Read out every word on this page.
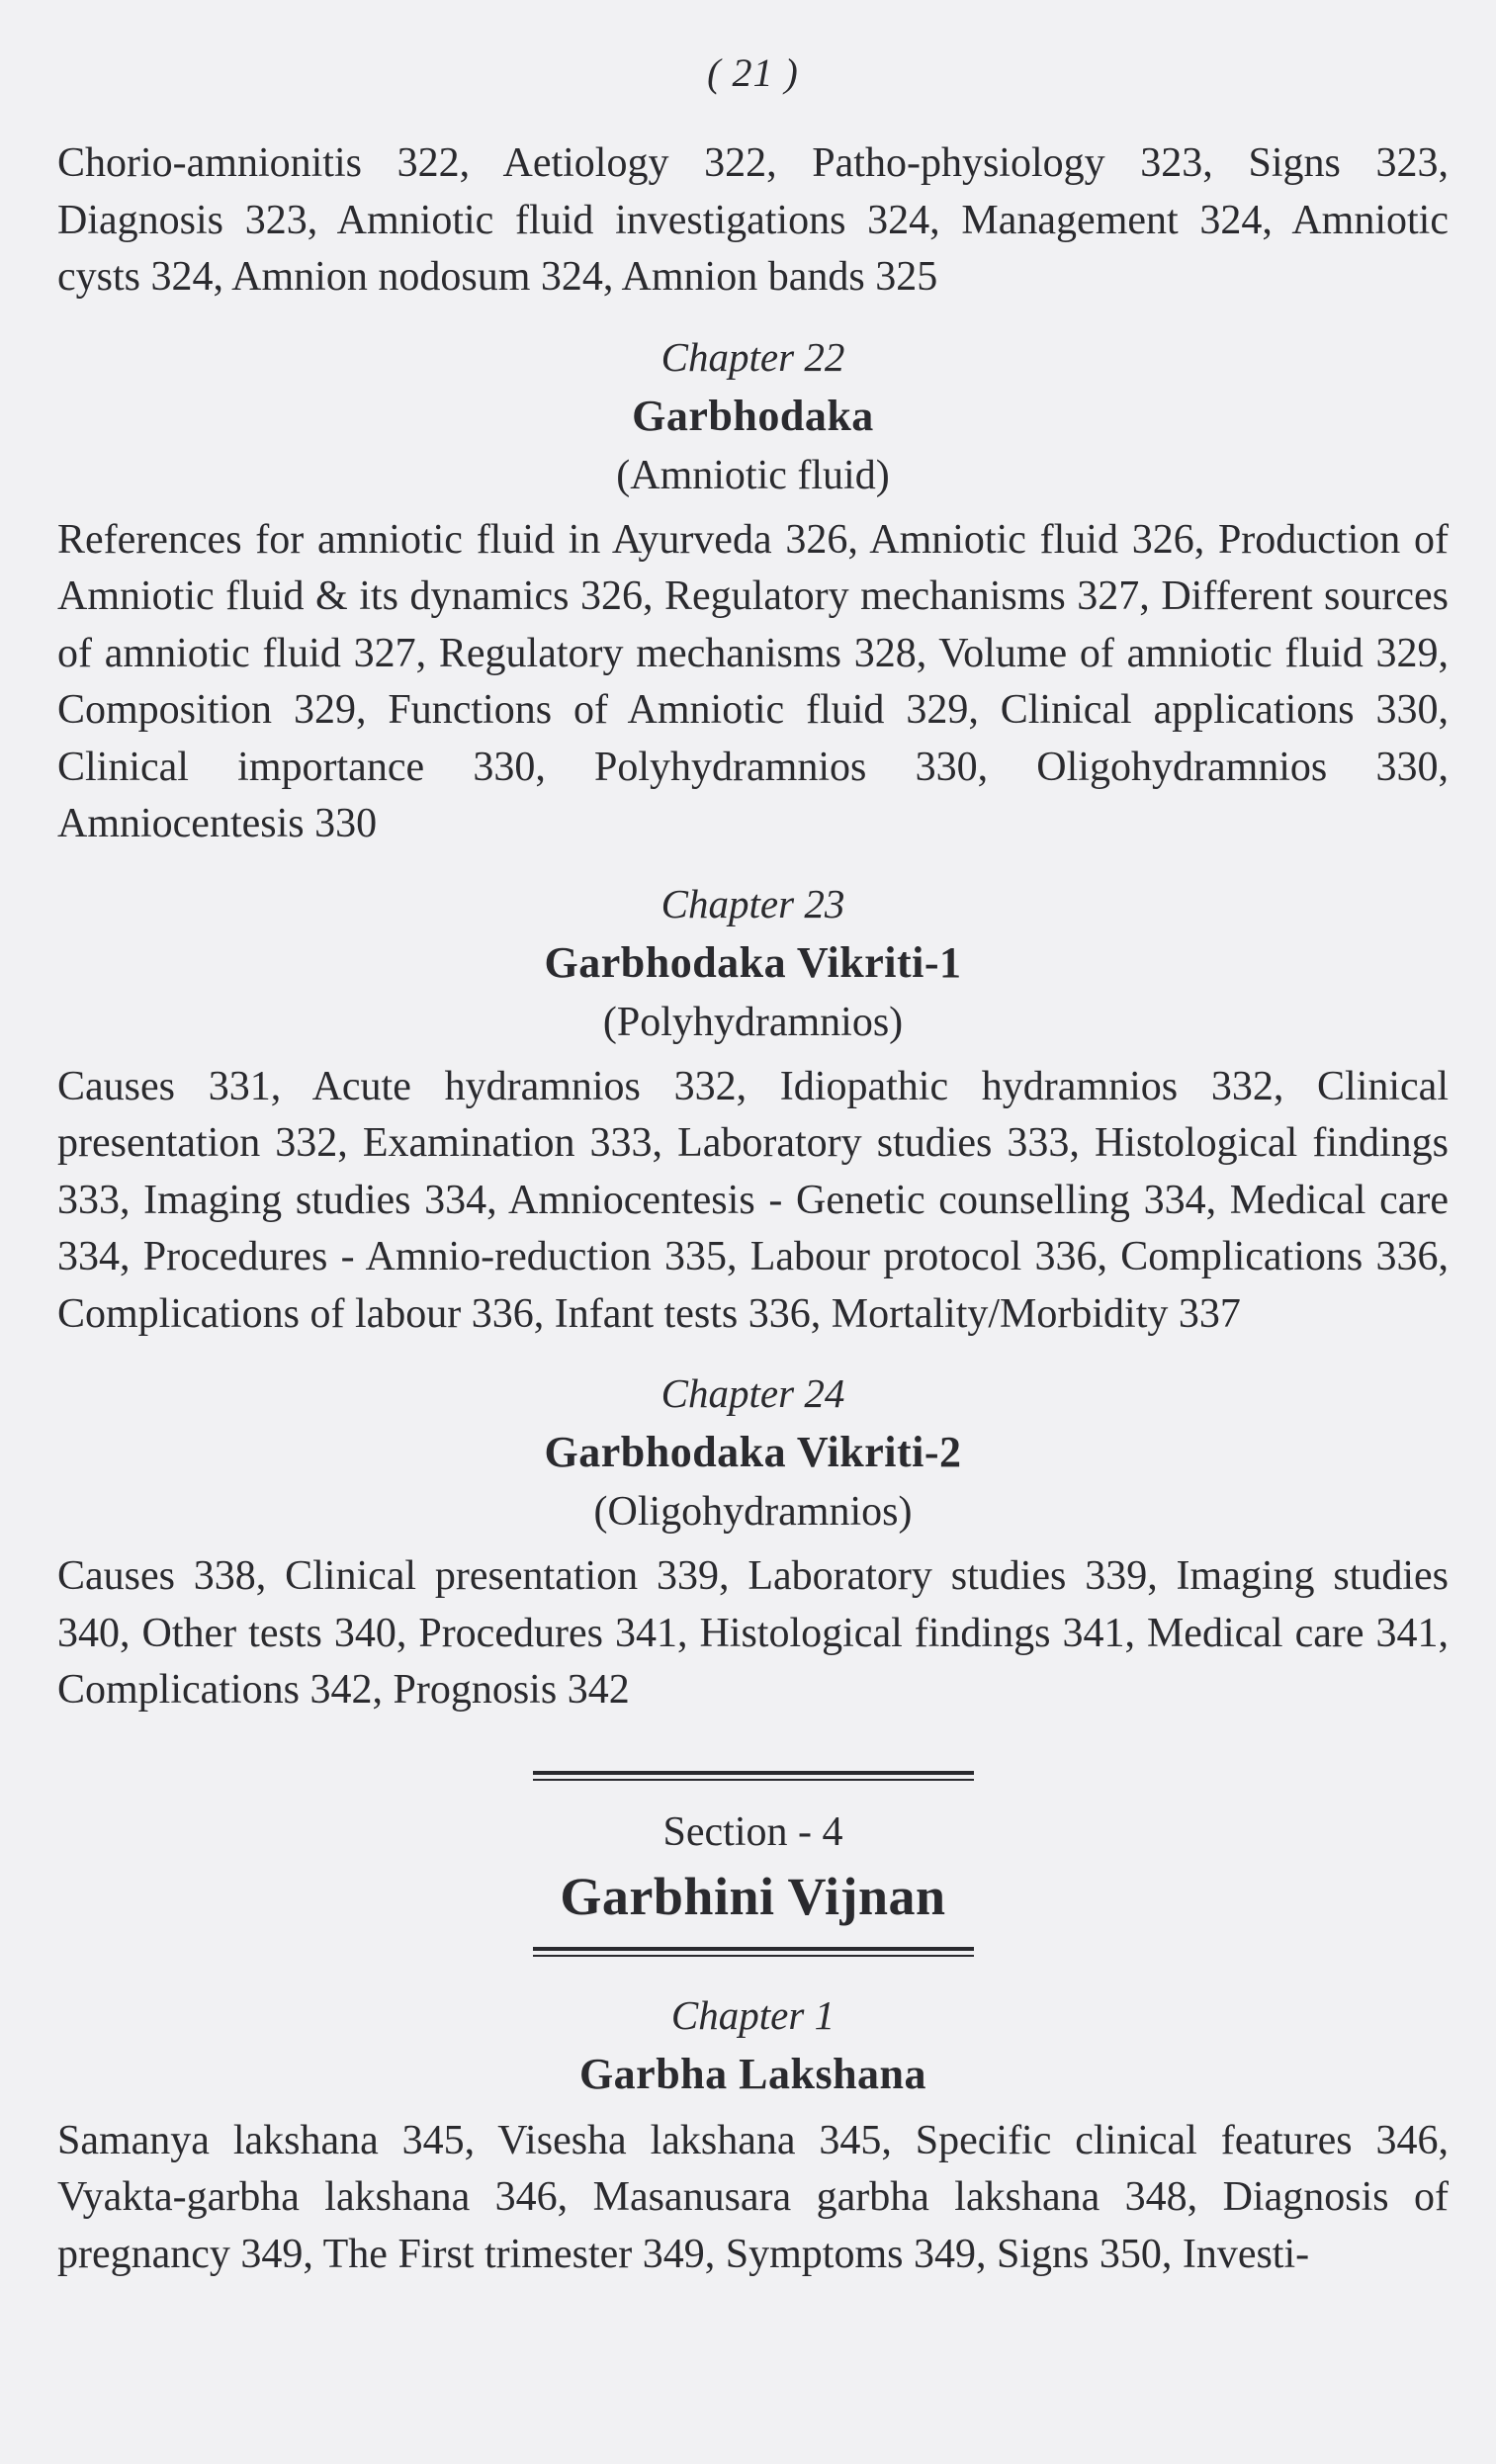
( 21 )

Chorio-amnionitis 322, Aetiology 322, Patho-physiology 323, Signs 323, Diagnosis 323, Amniotic fluid investigations 324, Management 324, Amniotic cysts 324, Amnion nodosum 324, Amnion bands 325

Chapter 22

Garbhodaka

(Amniotic fluid)

References for amniotic fluid in Ayurveda 326, Amniotic fluid 326, Production of Amniotic fluid & its dynamics 326, Regulatory mechanisms 327, Different sources of amniotic fluid 327, Regulatory mechanisms 328, Volume of amniotic fluid 329, Composition 329, Functions of Amniotic fluid 329, Clinical applications 330, Clinical importance 330, Polyhydramnios 330, Oligohydramnios 330, Amniocentesis 330

Chapter 23

Garbhodaka Vikriti-1

(Polyhydramnios)

Causes 331, Acute hydramnios 332, Idiopathic hydramnios 332, Clinical presentation 332, Examination 333, Laboratory studies 333, Histological findings 333, Imaging studies 334, Amniocentesis - Genetic counselling 334, Medical care 334, Procedures - Amnio-reduction 335, Labour protocol 336, Complications 336, Complications of labour 336, Infant tests 336, Mortality/Morbidity 337

Chapter 24

Garbhodaka Vikriti-2

(Oligohydramnios)

Causes 338, Clinical presentation 339, Laboratory studies 339, Imaging studies 340, Other tests 340, Procedures 341, Histological findings 341, Medical care 341, Complications 342, Prognosis 342

Section - 4

Garbhini Vijnan

Chapter 1

Garbha Lakshana

Samanya lakshana 345, Visesha lakshana 345, Specific clinical features 346, Vyakta-garbha lakshana 346, Masanusara garbha lakshana 348, Diagnosis of pregnancy 349, The First trimester 349, Symptoms 349, Signs 350, Investi-
